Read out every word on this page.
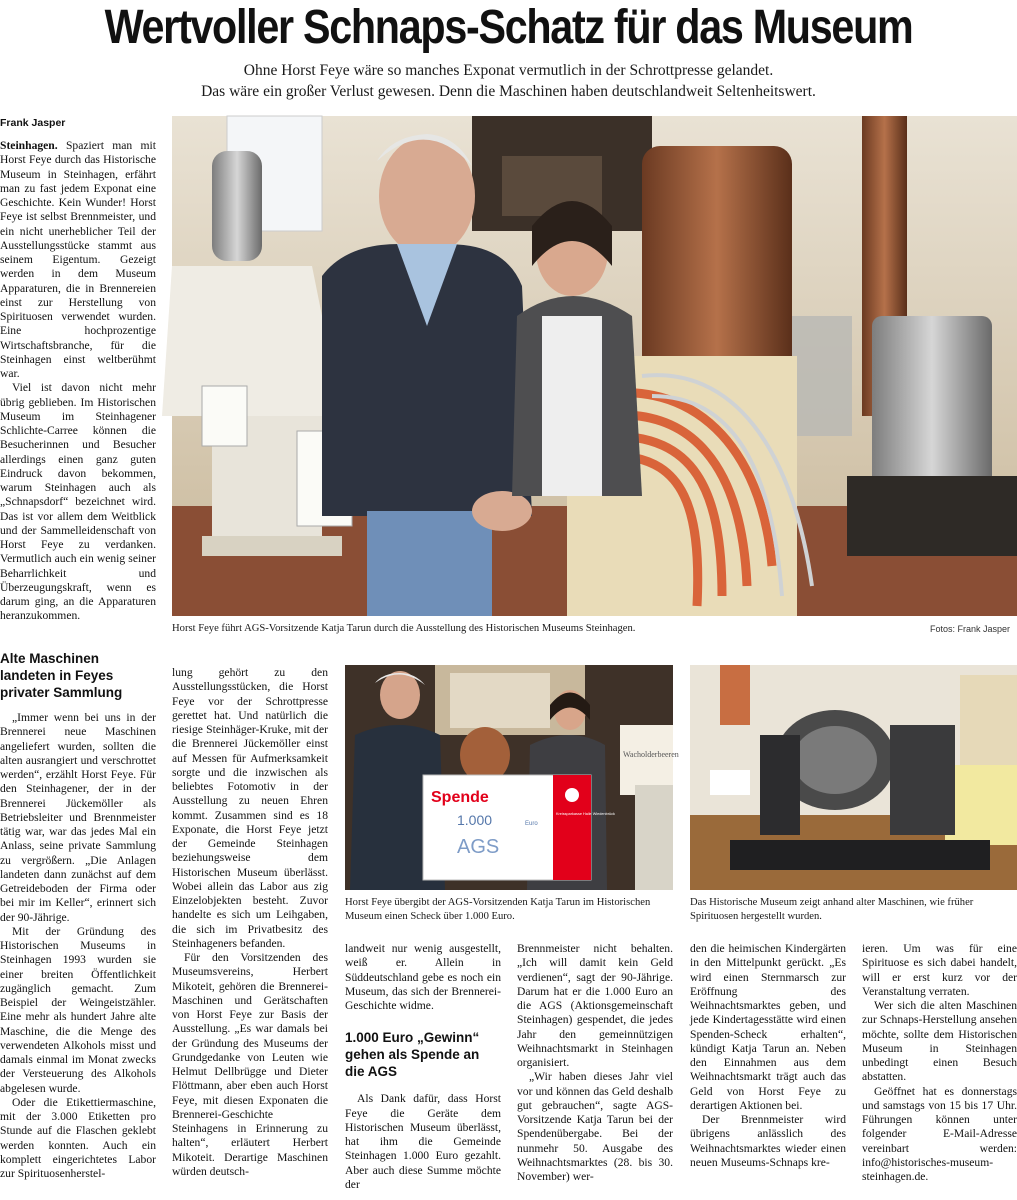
Wertvoller Schnaps-Schatz für das Museum
Ohne Horst Feye wäre so manches Exponat vermutlich in der Schrottpresse gelandet.
Das wäre ein großer Verlust gewesen. Denn die Maschinen haben deutschlandweit Seltenheitswert.
Frank Jasper

Steinhagen. Spaziert man mit Horst Feye durch das Historische Museum in Steinhagen, erfährt man zu fast jedem Exponat eine Geschichte. Kein Wunder! Horst Feye ist selbst Brennmeister, und ein nicht unerheblicher Teil der Ausstellungsstücke stammt aus seinem Eigentum. Gezeigt werden in dem Museum Apparaturen, die in Brennereien einst zur Herstellung von Spirituosen verwendet wurden. Eine hochprozentige Wirtschaftsbranche, für die Steinhagen einst weltberühmt war.

Viel ist davon nicht mehr übrig geblieben. Im Historischen Museum im Steinhagener Schlichte-Carree können die Besucherinnen und Besucher allerdings einen ganz guten Eindruck davon bekommen, warum Steinhagen auch als „Schnapsdorf“ bezeichnet wird. Das ist vor allem dem Weitblick und der Sammelleidenschaft von Horst Feye zu verdanken. Vermutlich auch ein wenig seiner Beharrlichkeit und Überzeugungskraft, wenn es darum ging, an die Apparaturen heranzukommen.

Horst Feye führt AGS-Vorsitzende Katja Tarun durch die Ausstellung des Historischen Museums Steinhagen.	Fotos: Frank Jasper
Alte Maschinen landeten in Feyes privater Sammlung

„Immer wenn bei uns in der Brennerei neue Maschinen angeliefert wurden, sollten die alten ausrangiert und verschrottet werden“, erzählt Horst Feye. Für den Steinhagener, der in der Brennerei Jückemöller als Betriebsleiter und Brennmeister tätig war, war das jedes Mal ein Anlass, seine private Sammlung zu vergrößern. „Die Anlagen landeten dann zunächst auf dem Getreideboden der Firma oder bei mir im Keller“, erinnert sich der 90-Jährige.

Mit der Gründung des Historischen Museums in Steinhagen 1993 wurden sie einer breiten Öffentlichkeit zugänglich gemacht. Zum Beispiel der Weingeistzähler. Eine mehr als hundert Jahre alte Maschine, die die Menge des verwendeten Alkohols misst und damals einmal im Monat zwecks der Versteuerung des Alkohols abgelesen wurde.

Oder die Etikettiermaschine, mit der 3.000 Etiketten pro Stunde auf die Flaschen geklebt werden konnten. Auch ein komplett eingerichtetes Labor zur Spirituosenherstel-

lung gehört zu den Ausstellungsstücken, die Horst Feye vor der Schrottpresse gerettet hat. Und natürlich die riesige Steinhäger-Kruke, mit der die Brennerei Jückemöller einst auf Messen für Aufmerksamkeit sorgte und die inzwischen als beliebtes Fotomotiv in der Ausstellung zu neuen Ehren kommt. Zusammen sind es 18 Exponate, die Horst Feye jetzt der Gemeinde Steinhagen beziehungsweise dem Historischen Museum überlässt. Wobei allein das Labor aus zig Einzelobjekten besteht. Zuvor handelte es sich um Leihgaben, die sich im Privatbesitz des Steinhageners befanden.

Für den Vorsitzenden des Museumsvereins, Herbert Mikoteit, gehören die Brennerei-Maschinen und Gerätschaften von Horst Feye zur Basis der Ausstellung. „Es war damals bei der Gründung des Museums der Grundgedanke von Leuten wie Helmut Dellbrügge und Dieter Flöttmann, aber eben auch Horst Feye, mit diesen Exponaten die Brennerei-Geschichte Steinhagens in Erinnerung zu halten“, erläutert Herbert Mikoteit. Derartige Maschinen würden deutsch-

Wacholderbeeren
Spende
1.000	Euro
AGS
Kreissparkasse Halle Wiedenbrück
Horst Feye übergibt der AGS-Vorsitzenden Katja Tarun im Historischen Museum einen Scheck über 1.000 Euro.
Das Historische Museum zeigt anhand alter Maschinen, wie früher Spirituosen hergestellt wurden.

landweit nur wenig ausgestellt, weiß er. Allein in Süddeutschland gebe es noch ein Museum, das sich der Brennerei-Geschichte widme.

1.000 Euro „Gewinn“ gehen als Spende an die AGS

Als Dank dafür, dass Horst Feye die Geräte dem Historischen Museum überlässt, hat ihm die Gemeinde Steinhagen 1.000 Euro gezahlt. Aber auch diese Summe möchte der

Brennmeister nicht behalten. „Ich will damit kein Geld verdienen“, sagt der 90-Jährige. Darum hat er die 1.000 Euro an die AGS (Aktionsgemeinschaft Steinhagen) gespendet, die jedes Jahr den gemeinnützigen Weihnachtsmarkt in Steinhagen organisiert.

„Wir haben dieses Jahr viel vor und können das Geld deshalb gut gebrauchen“, sagte AGS-Vorsitzende Katja Tarun bei der Spendenübergabe. Bei der nunmehr 50. Ausgabe des Weihnachtsmarktes (28. bis 30. November) wer-

den die heimischen Kindergärten in den Mittelpunkt gerückt. „Es wird einen Sternmarsch zur Eröffnung des Weihnachtsmarktes geben, und jede Kindertagesstätte wird einen Spenden-Scheck erhalten“, kündigt Katja Tarun an. Neben den Einnahmen aus dem Weihnachtsmarkt trägt auch das Geld von Horst Feye zu derartigen Aktionen bei.

Der Brennmeister wird übrigens anlässlich des Weihnachtsmarktes wieder einen neuen Museums-Schnaps kre-

ieren. Um was für eine Spirituose es sich dabei handelt, will er erst kurz vor der Veranstaltung verraten.

Wer sich die alten Maschinen zur Schnaps-Herstellung ansehen möchte, sollte dem Historischen Museum in Steinhagen unbedingt einen Besuch abstatten.

Geöffnet hat es donnerstags und samstags von 15 bis 17 Uhr. Führungen können unter folgender E-Mail-Adresse vereinbart werden: info@historisches-museum-steinhagen.de.
